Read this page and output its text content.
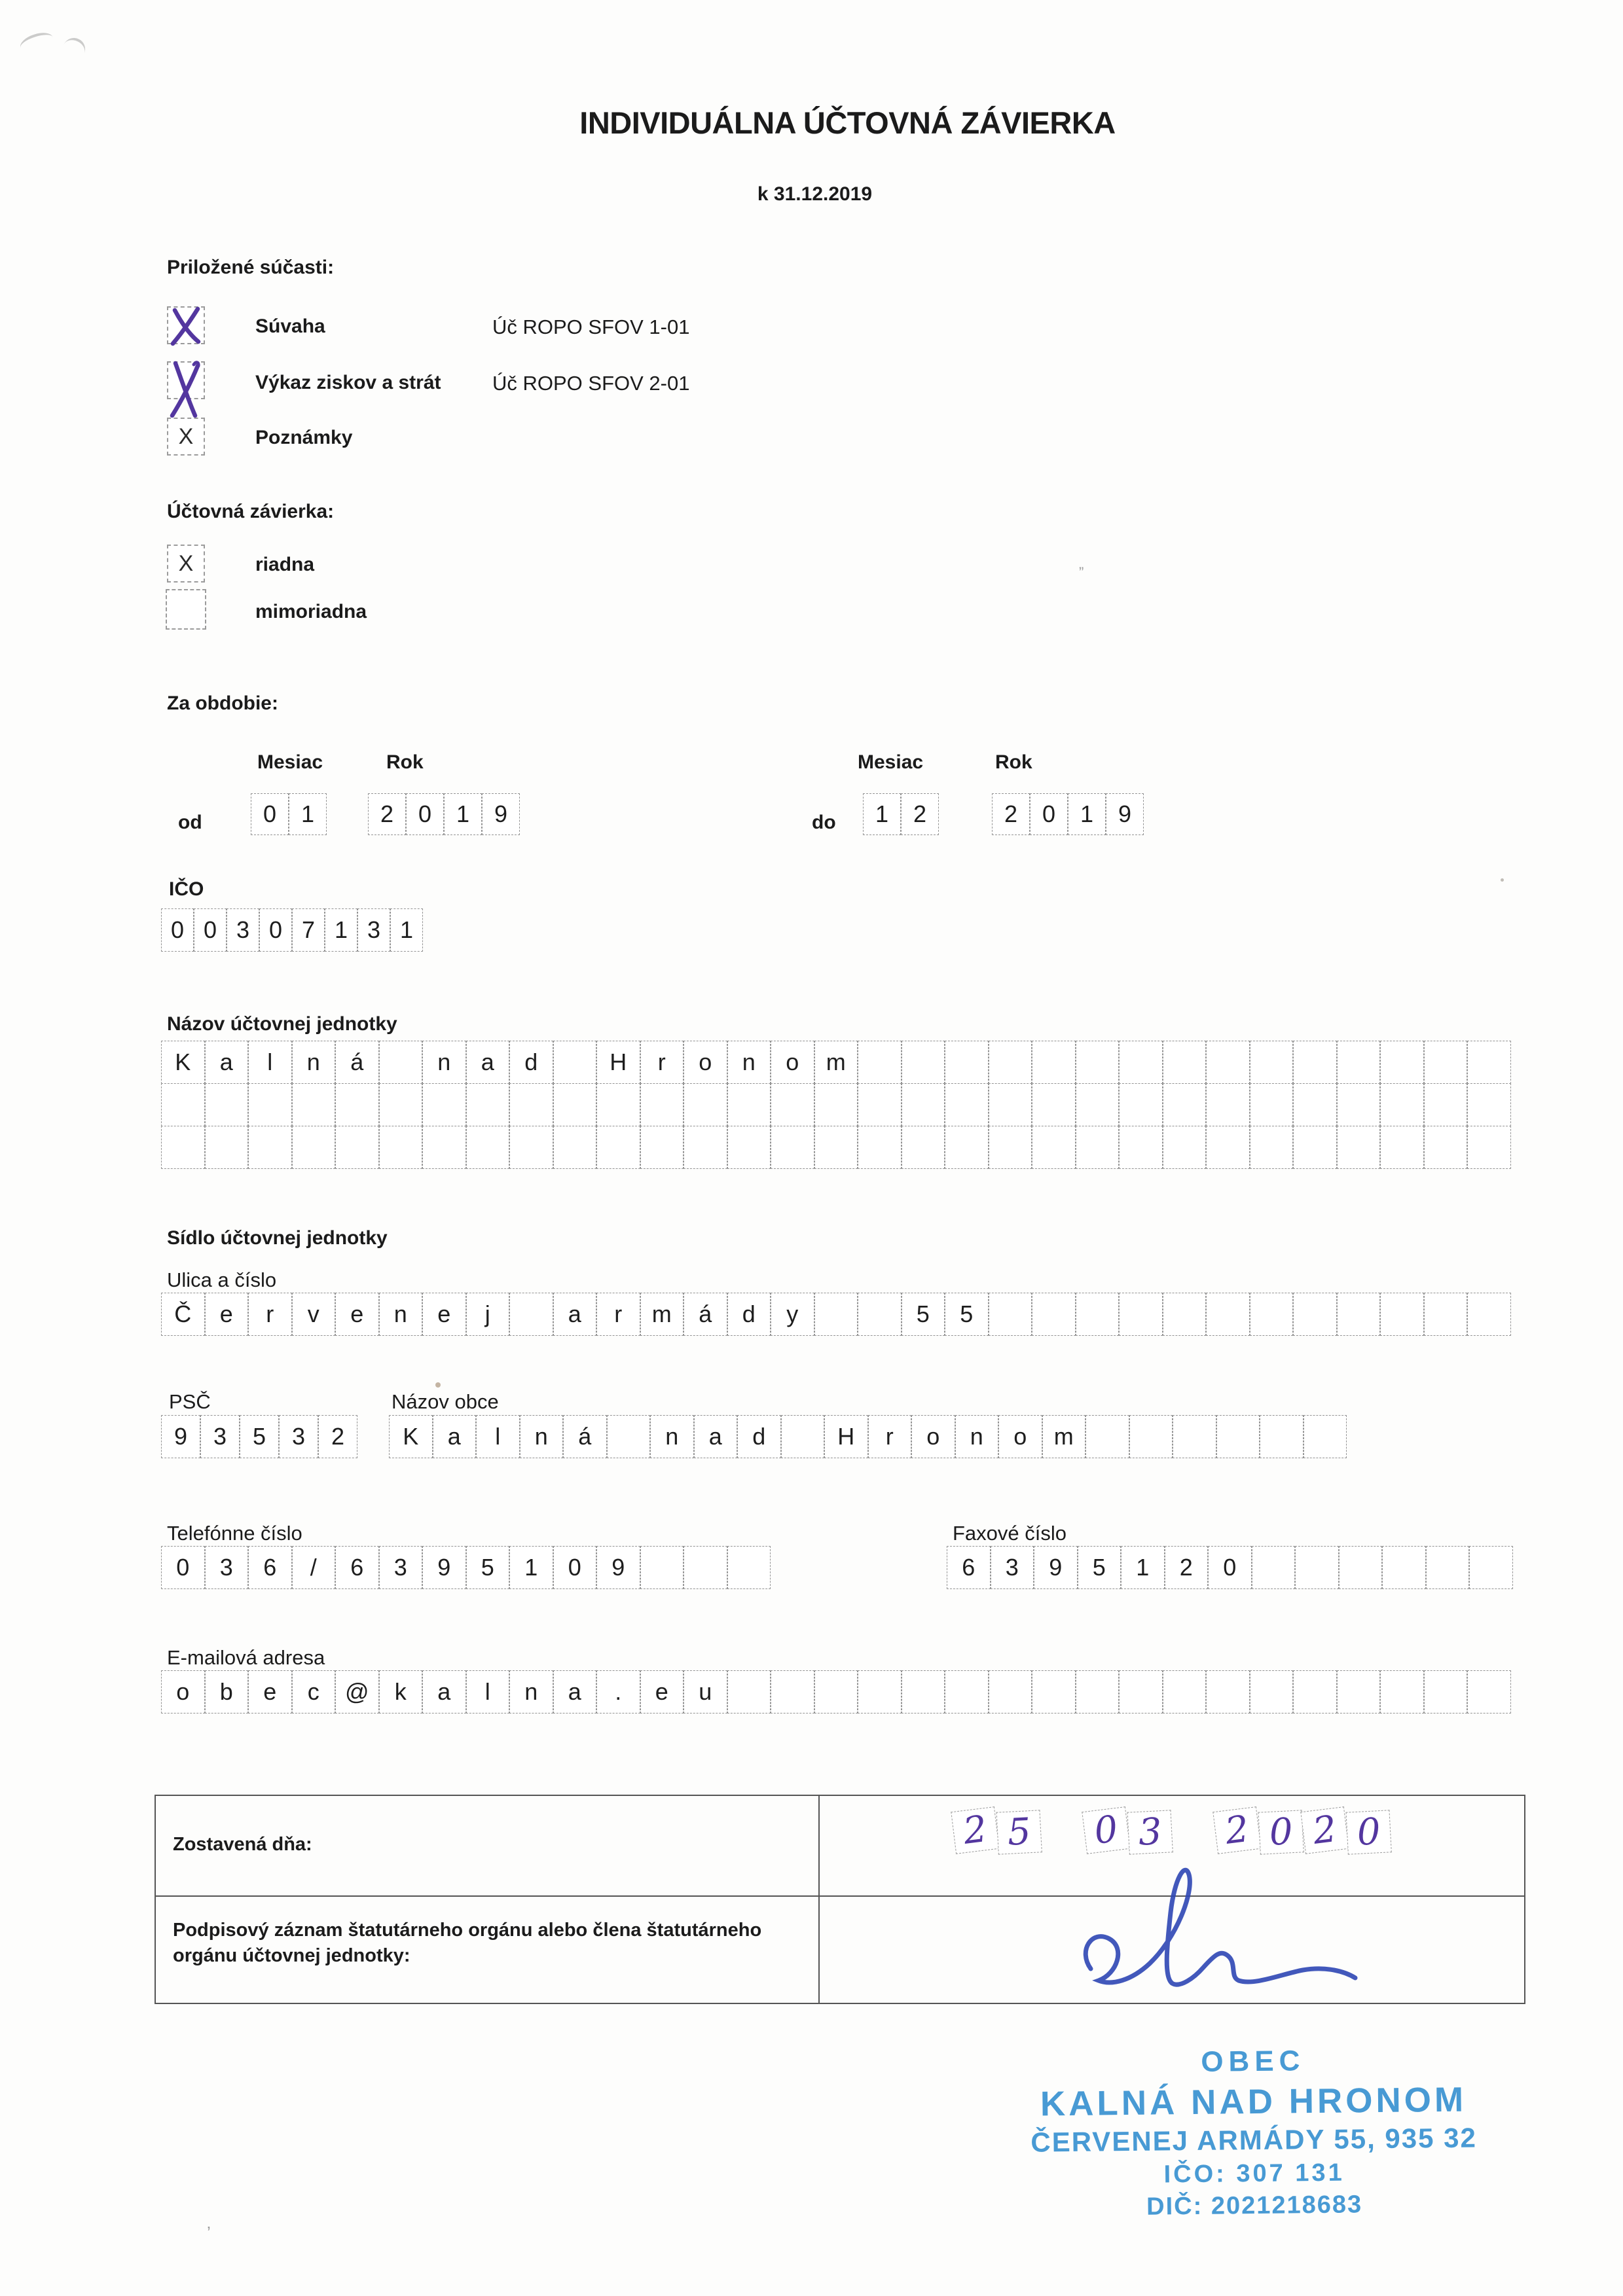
”
’
INDIVIDUÁLNA ÚČTOVNÁ ZÁVIERKA
k 31.12.2019
Priložené súčasti:
Súvaha	Úč ROPO SFOV 1-01
Výkaz ziskov a strát	Úč ROPO SFOV 2-01
X	Poznámky
Účtovná závierka:
X	riadna
mimoriadna
Za obdobie:
Mesiac	Rok
od	0	1	2	0	1	9
Mesiac	Rok
do	1	2	2	0	1	9
IČO
0 0 3 0 7 1 3 1
Názov účtovnej jednotky
K	a	l	n	á	n	a	d	H	r	o	n	o	m
Sídlo účtovnej jednotky
Ulica a číslo
Č	e	r	v	e	n	e	j	a	r	m	á	d	y	5	5
PSČ
9	3	5	3	2
Názov obce
K	a	l	n	á	n	a	d	H	r	o	n	o	m
Telefónne číslo
0	3	6	/	6	3	9	5	1	0	9
Faxové číslo
6	3	9	5	1	2	0
E-mailová adresa
o	b	e	c	@	k	a	l	n	a	.	e	u
Zostavená dňa:	2 5 0 3 2 0 2 0
Podpisový záznam štatutárneho orgánu alebo člena štatutárneho orgánu účtovnej jednotky:
OBEC
KALNÁ NAD HRONOM
ČERVENEJ ARMÁDY 55, 935 32
IČO: 307 131
DIČ: 2021218683
